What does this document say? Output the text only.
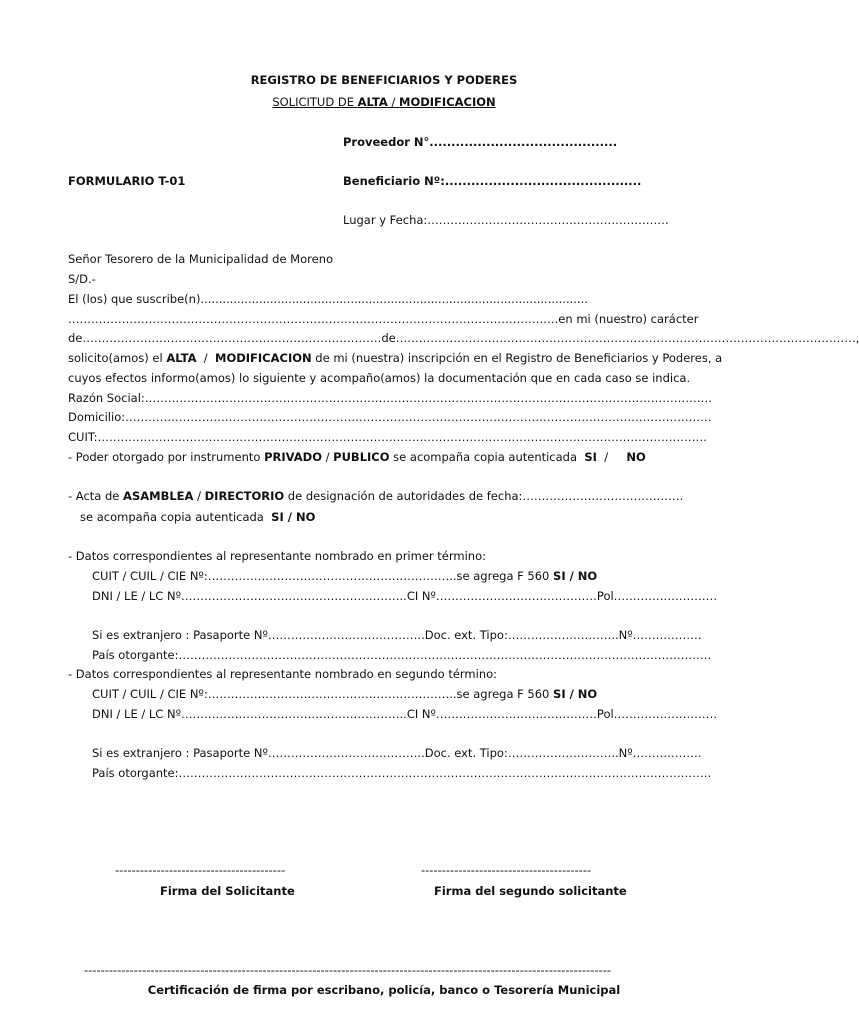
REGISTRO DE BENEFICIARIOS Y PODERES
SOLICITUD DE ALTA / MODIFICACION
Proveedor N°...........................................
FORMULARIO T-01	Beneficiario Nº:.............................................
Lugar y Fecha:………………………………………………………
Señor Tesorero de la Municipalidad de Moreno
S/D.-
El (los) que suscribe(n)..........................................................................................................
…………………………………………………………………………………………………………….….en mi (nuestro) carácter
de……………………………………………………………………de…………………………………………………………………………………………………………,
solicito(amos) el ALTA  /  MODIFICACION de mi (nuestra) inscripción en el Registro de Beneficiarios y Poderes, a
cuyos efectos informo(amos) lo siguiente y acompaño(amos) la documentación que en cada caso se indica.
Razón Social:………………………………………………………………………………………………………………………………….
Domicilio:………………………………………………………………………………………………………………………………………
CUIT:……………………………………………………………………………………………………………………………………………
- Poder otorgado por instrumento PRIVADO / PUBLICO se acompaña copia autenticada  SI  /     NO
- Acta de ASAMBLEA / DIRECTORIO de designación de autoridades de fecha:……………………………………
se acompaña copia autenticada  SI / NO
- Datos correspondientes al representante nombrado en primer término:
CUIT / CUIL / CIE Nº:………………………………………………………..se agrega F 560 SI / NO
DNI / LE / LC Nº…………………………………………………..CI Nº……………………………………Pol………………………
Si es extranjero : Pasaporte Nº…………………………………..Doc. ext. Tipo:………………………..Nº………………
País otorgante:………………………………………………………………………………………………………………………….
- Datos correspondientes al representante nombrado en segundo término:
CUIT / CUIL / CIE Nº:………………………………………………………..se agrega F 560 SI / NO
DNI / LE / LC Nº…………………………………………………..CI Nº……………………………………Pol………………………
Si es extranjero : Pasaporte Nº…………………………………..Doc. ext. Tipo:………………………..Nº………………
País otorgante:………………………………………………………………………………………………………………………….
-----------------------------------------
Firma del Solicitante
-----------------------------------------
Firma del segundo solicitante
-------------------------------------------------------------------------------------------------------------------------------
Certificación de firma por escribano, policía, banco o Tesorería Municipal
